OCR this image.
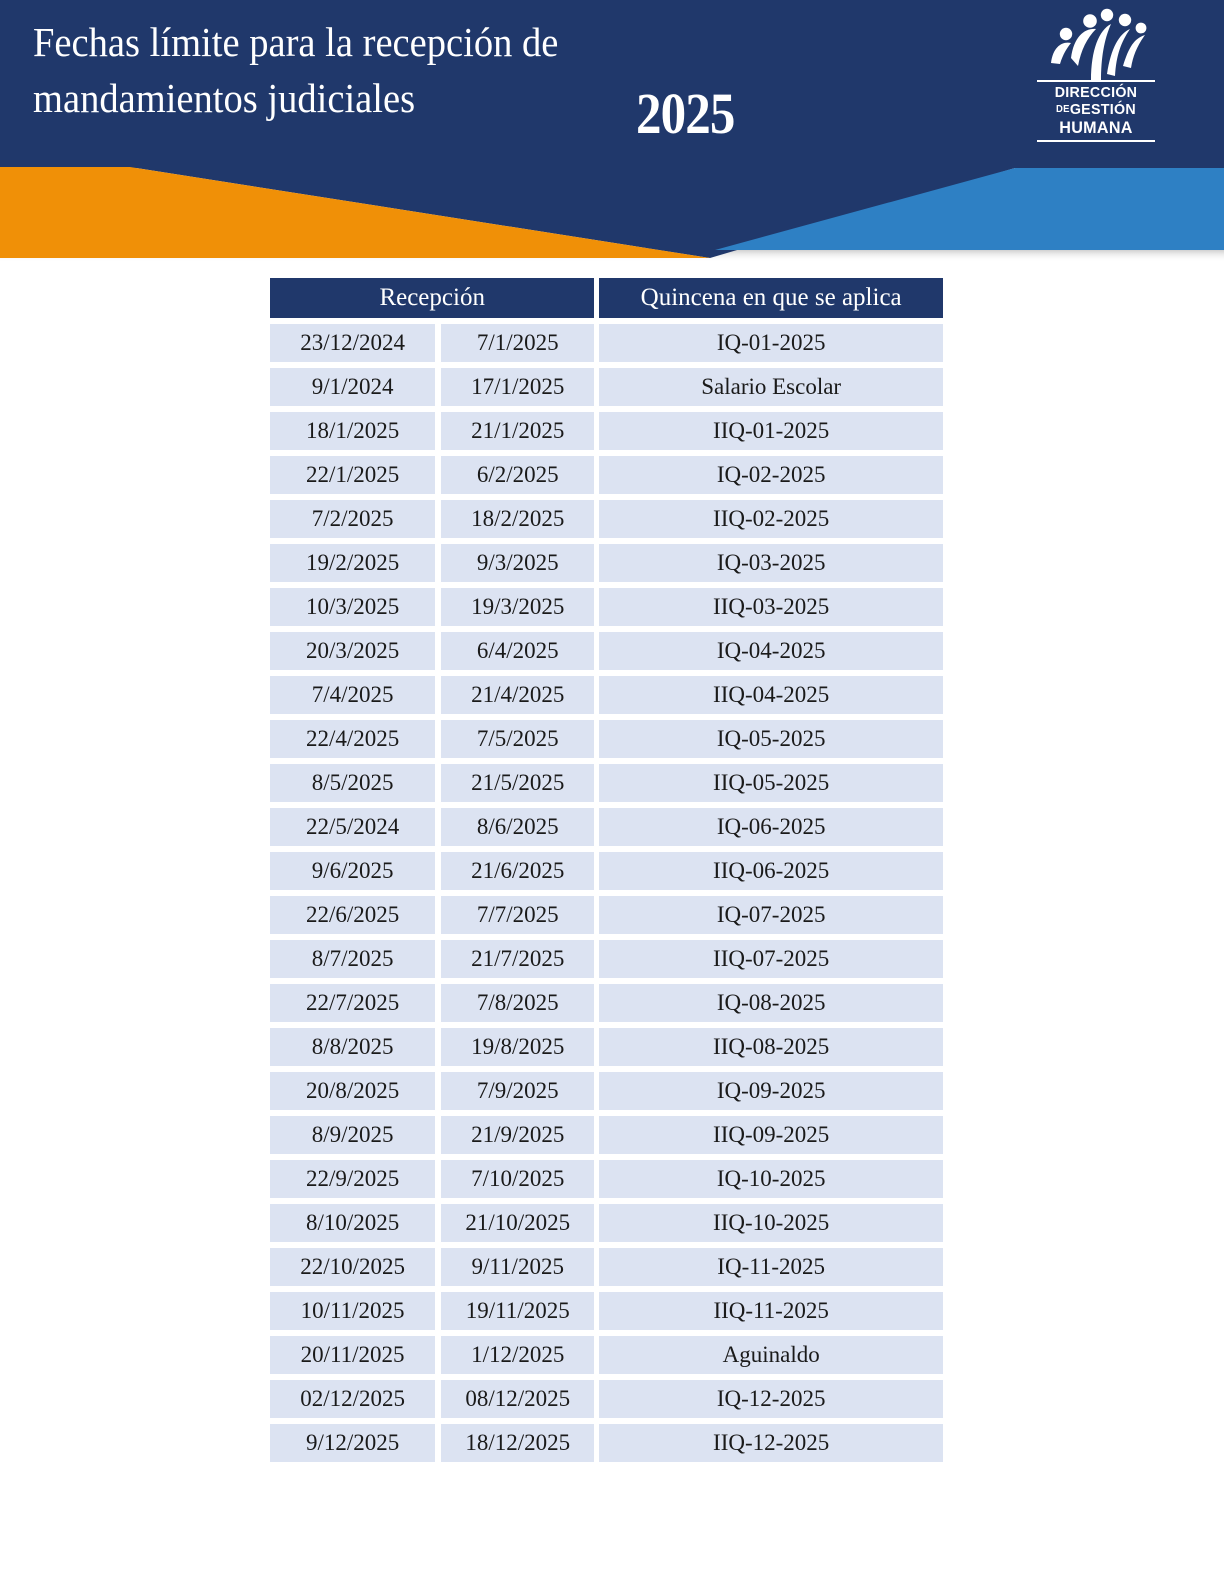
Fechas límite para la recepción de
mandamientos judiciales	2025	DIRECCIÓN
DEGESTIÓN
HUMANA
Recepción				Quincena en que se aplica

23/12/2024		7/1/2025		IQ-01-2025

9/1/2024		17/1/2025		Salario Escolar

18/1/2025		21/1/2025		IIQ-01-2025

22/1/2025		6/2/2025		IQ-02-2025

7/2/2025		18/2/2025		IIQ-02-2025

19/2/2025		9/3/2025		IQ-03-2025

10/3/2025		19/3/2025		IIQ-03-2025

20/3/2025		6/4/2025		IQ-04-2025

7/4/2025		21/4/2025		IIQ-04-2025

22/4/2025		7/5/2025		IQ-05-2025

8/5/2025		21/5/2025		IIQ-05-2025

22/5/2024		8/6/2025		IQ-06-2025

9/6/2025		21/6/2025		IIQ-06-2025

22/6/2025		7/7/2025		IQ-07-2025

8/7/2025		21/7/2025		IIQ-07-2025

22/7/2025		7/8/2025		IQ-08-2025

8/8/2025		19/8/2025		IIQ-08-2025

20/8/2025		7/9/2025		IQ-09-2025

8/9/2025		21/9/2025		IIQ-09-2025

22/9/2025		7/10/2025		IQ-10-2025

8/10/2025		21/10/2025		IIQ-10-2025

22/10/2025		9/11/2025		IQ-11-2025

10/11/2025		19/11/2025		IIQ-11-2025

20/11/2025		1/12/2025		Aguinaldo

02/12/2025		08/12/2025		IQ-12-2025

9/12/2025		18/12/2025		IIQ-12-2025
